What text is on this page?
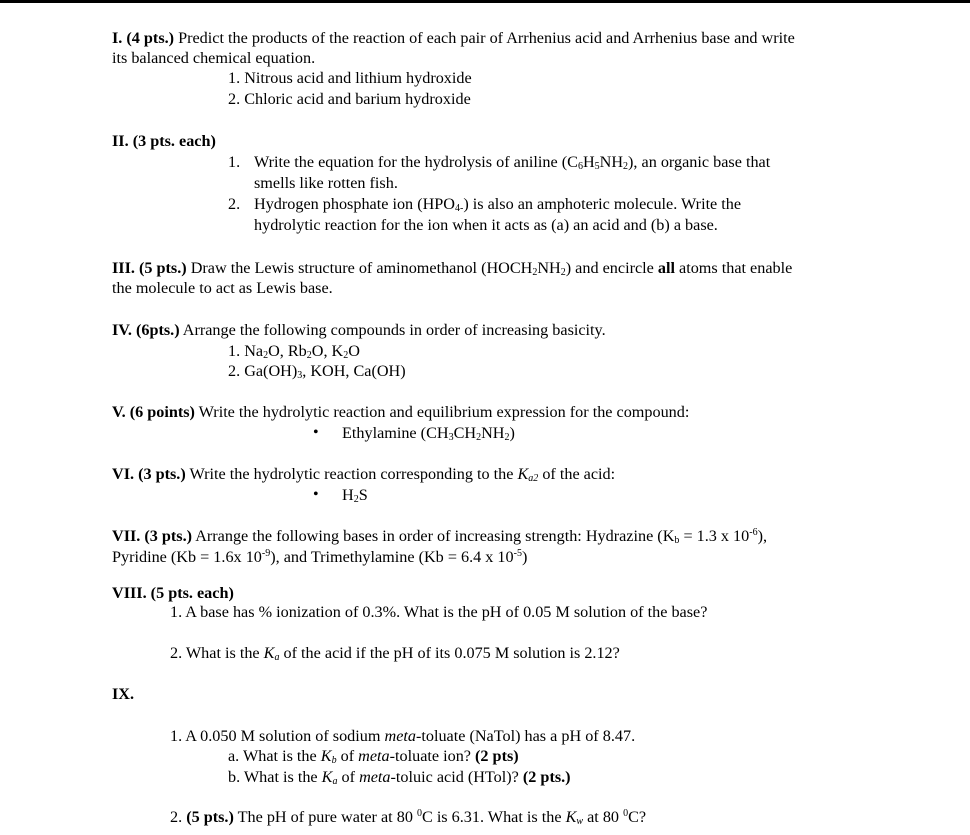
I. (4 pts.) Predict the products of the reaction of each pair of Arrhenius acid and Arrhenius base and write
its balanced chemical equation.
1. Nitrous acid and lithium hydroxide
2. Chloric acid and barium hydroxide
II. (3 pts. each)
1. Write the equation for the hydrolysis of aniline $(C_6H_5NH_2)$, an organic base that
smells like rotten fish.
2. Hydrogen phosphate ion $(HPO_{4-})$ is also an amphoteric molecule. Write the
hydrolytic reaction for the ion when it acts as (a) an acid and (b) a base.
III. (5 pts.) Draw the Lewis structure of aminomethanol $(HOCH_2NH_2)$ and encircle all atoms that enable
the molecule to act as Lewis base.
IV. (6pts.) Arrange the following compounds in order of increasing basicity.
1. $Na_2O$, $Rb_2O$, $K_2O$
2. $Ga(OH)_3$, KOH, Ca(OH)
V. (6 points) Write the hydrolytic reaction and equilibrium expression for the compound:
• Ethylamine $(CH_3CH_2NH_2)$
VI. (3 pts.) Write the hydrolytic reaction corresponding to the $K_{a2}$ of the acid:
• $H_2S$
VII. (3 pts.) Arrange the following bases in order of increasing strength: Hydrazine ($K_b = 1.3$ x $10^{-6}$),
Pyridine (Kb = 1.6x $10^{-9}$), and Trimethylamine (Kb = 6.4 x $10^{-5}$)
VIII. (5 pts. each)
1. A base has % ionization of 0.3%. What is the pH of 0.05 M solution of the base?
2. What is the $K_a$ of the acid if the pH of its 0.075 M solution is 2.12?
IX.
1. A 0.050 M solution of sodium meta-toluate (NaTol) has a pH of 8.47.
a. What is the $K_b$ of meta-toluate ion? (2 pts)
b. What is the $K_a$ of meta-toluic acid (HTol)? (2 pts.)
2. (5 pts.) The pH of pure water at 80 $^0$C is 6.31. What is the $K_w$ at 80 $^0$C?
